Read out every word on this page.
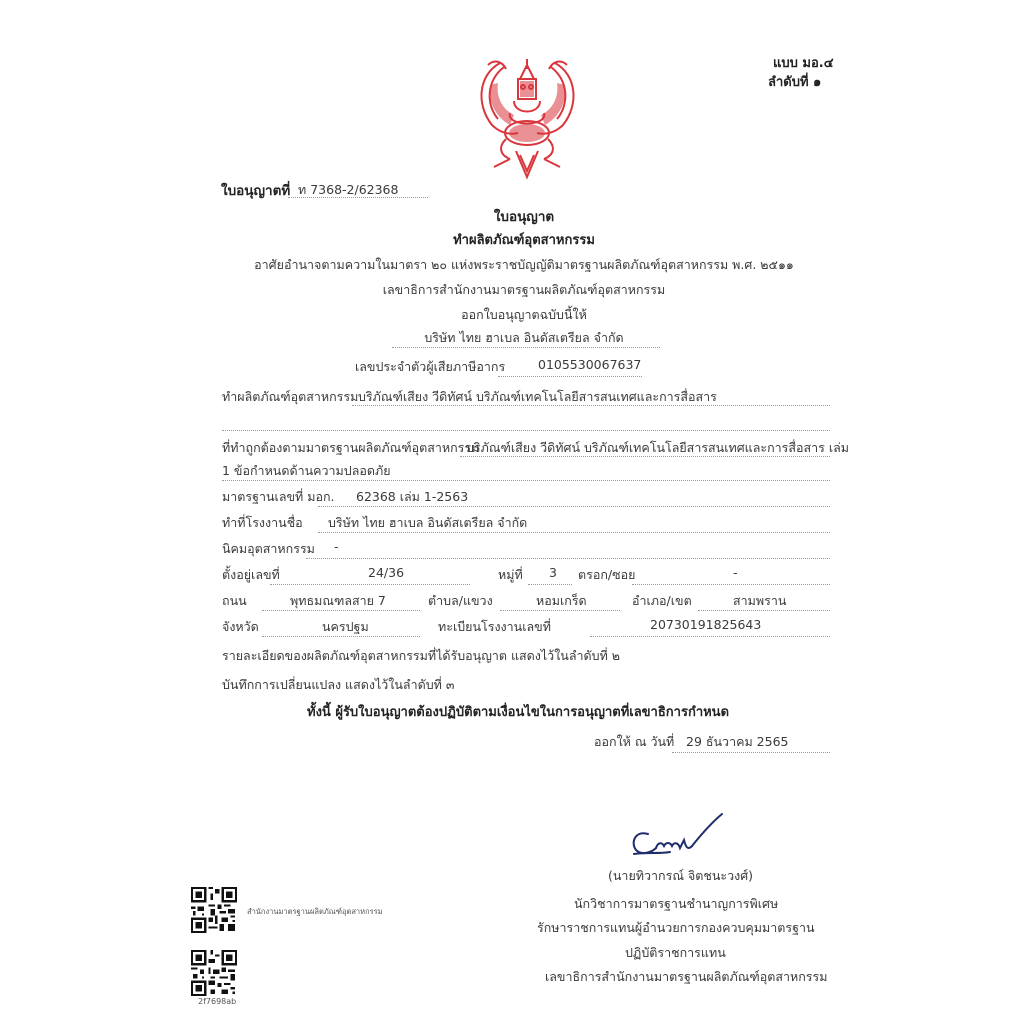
แบบ มอ.๔
ลำดับที่ ๑
ใบอนุญาตที่ ท 7368-2/62368
ใบอนุญาต
ทำผลิตภัณฑ์อุตสาหกรรม
อาศัยอำนาจตามความในมาตรา ๒๐ แห่งพระราชบัญญัติมาตรฐานผลิตภัณฑ์อุตสาหกรรม พ.ศ. ๒๕๑๑
เลขาธิการสำนักงานมาตรฐานผลิตภัณฑ์อุตสาหกรรม
ออกใบอนุญาตฉบับนี้ให้
บริษัท ไทย ฮาเบล อินดัสเตรียล จำกัด
เลขประจำตัวผู้เสียภาษีอากร	0105530067637
ทำผลิตภัณฑ์อุตสาหกรรม บริภัณฑ์เสียง วีดิทัศน์ บริภัณฑ์เทคโนโลยีสารสนเทศและการสื่อสาร
ที่ทำถูกต้องตามมาตรฐานผลิตภัณฑ์อุตสาหกรรม
บริภัณฑ์เสียง วีดิทัศน์ บริภัณฑ์เทคโนโลยีสารสนเทศและการสื่อสาร เล่ม
1 ข้อกำหนดด้านความปลอดภัย
มาตรฐานเลขที่ มอก. 62368 เล่ม 1-2563
ทำที่โรงงานชื่อ บริษัท ไทย ฮาเบล อินดัสเตรียล จำกัด
นิคมอุตสาหกรรม -
ตั้งอยู่เลขที่	24/36	หมู่ที่ 3 ตรอก/ซอย	-
ถนน	พุทธมณฑลสาย 7	ตำบล/แขวง	หอมเกร็ด	อำเภอ/เขต	สามพราน
จังหวัด	นครปฐม	ทะเบียนโรงงานเลขที่	20730191825643
รายละเอียดของผลิตภัณฑ์อุตสาหกรรมที่ได้รับอนุญาต แสดงไว้ในลำดับที่ ๒
บันทึกการเปลี่ยนแปลง แสดงไว้ในลำดับที่ ๓
ทั้งนี้ ผู้รับใบอนุญาตต้องปฏิบัติตามเงื่อนไขในการอนุญาตที่เลขาธิการกำหนด
ออกให้ ณ วันที่ 29 ธันวาคม 2565
(นายทิวากรณ์ จิตชนะวงศ์)
นักวิชาการมาตรฐานชำนาญการพิเศษ
รักษาราชการแทนผู้อำนวยการกองควบคุมมาตรฐาน
ปฏิบัติราชการแทน
เลขาธิการสำนักงานมาตรฐานผลิตภัณฑ์อุตสาหกรรม
สำนักงานมาตรฐานผลิตภัณฑ์อุตสาหกรรม
2f7698ab
